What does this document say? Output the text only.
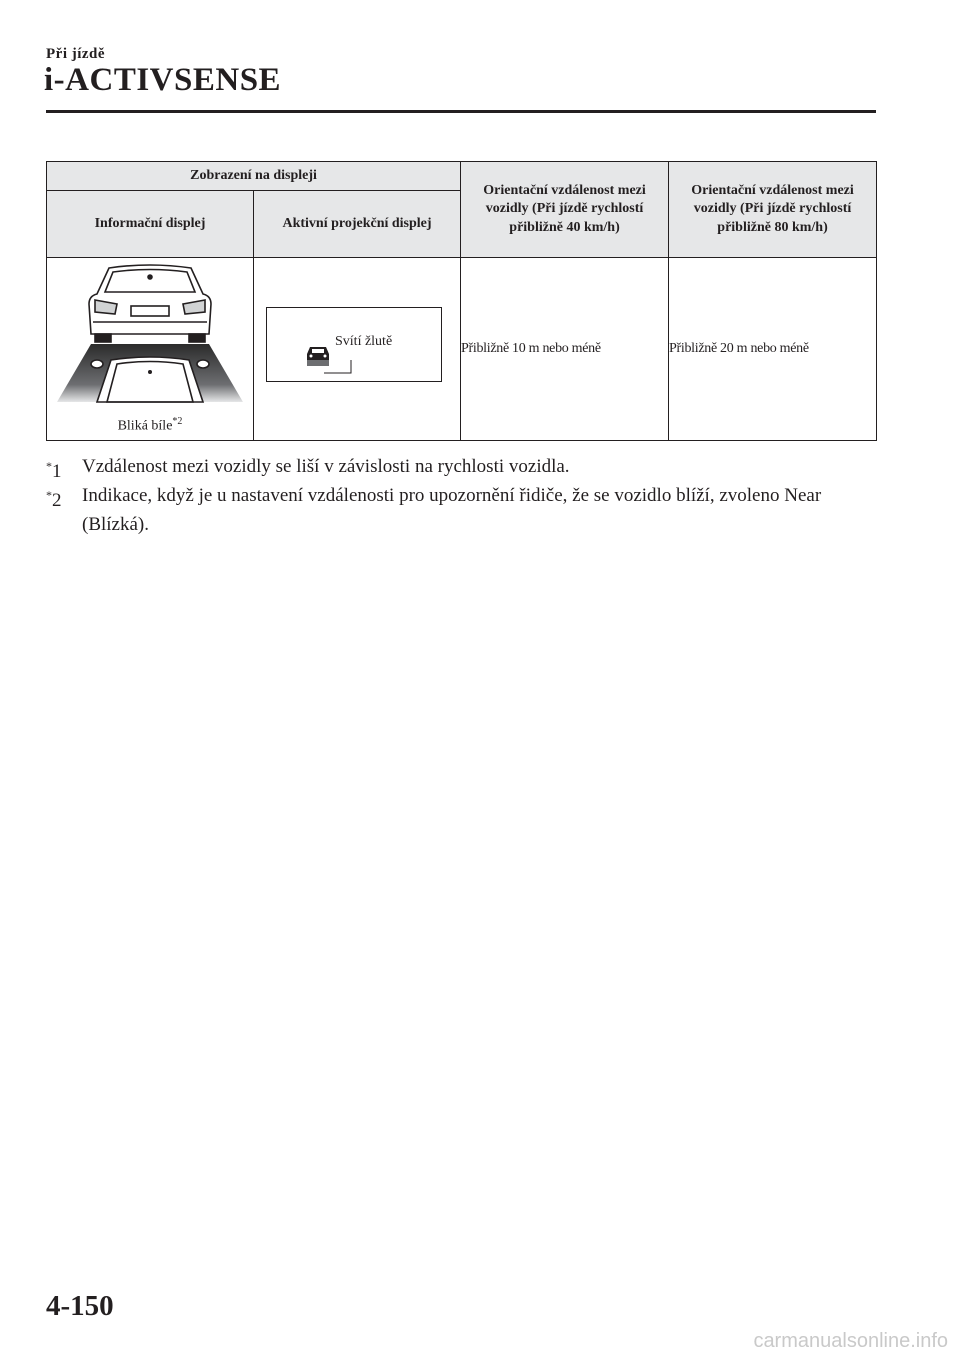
Při jízdě
i-ACTIVSENSE
Zobrazení na displeji		Orientační vzdálenost mezi vozidly (Při jízdě rychlostí přibližně 40 km/h)	Orientační vzdálenost mezi vozidly (Při jízdě rychlostí přibližně 80 km/h)
Informační displej	Aktivní projekční displej		

Bliká bíle$^{*2}$	Svítí žlutě	Přibližně 10 m nebo méně	Přibližně 20 m nebo méně
*1 Vzdálenost mezi vozidly se liší v závislosti na rychlosti vozidla.
*2 Indikace, když je u nastavení vzdálenosti pro upozornění řidiče, že se vozidlo blíží, zvoleno Near (Blízká).
4-150
carmanualsonline.info
